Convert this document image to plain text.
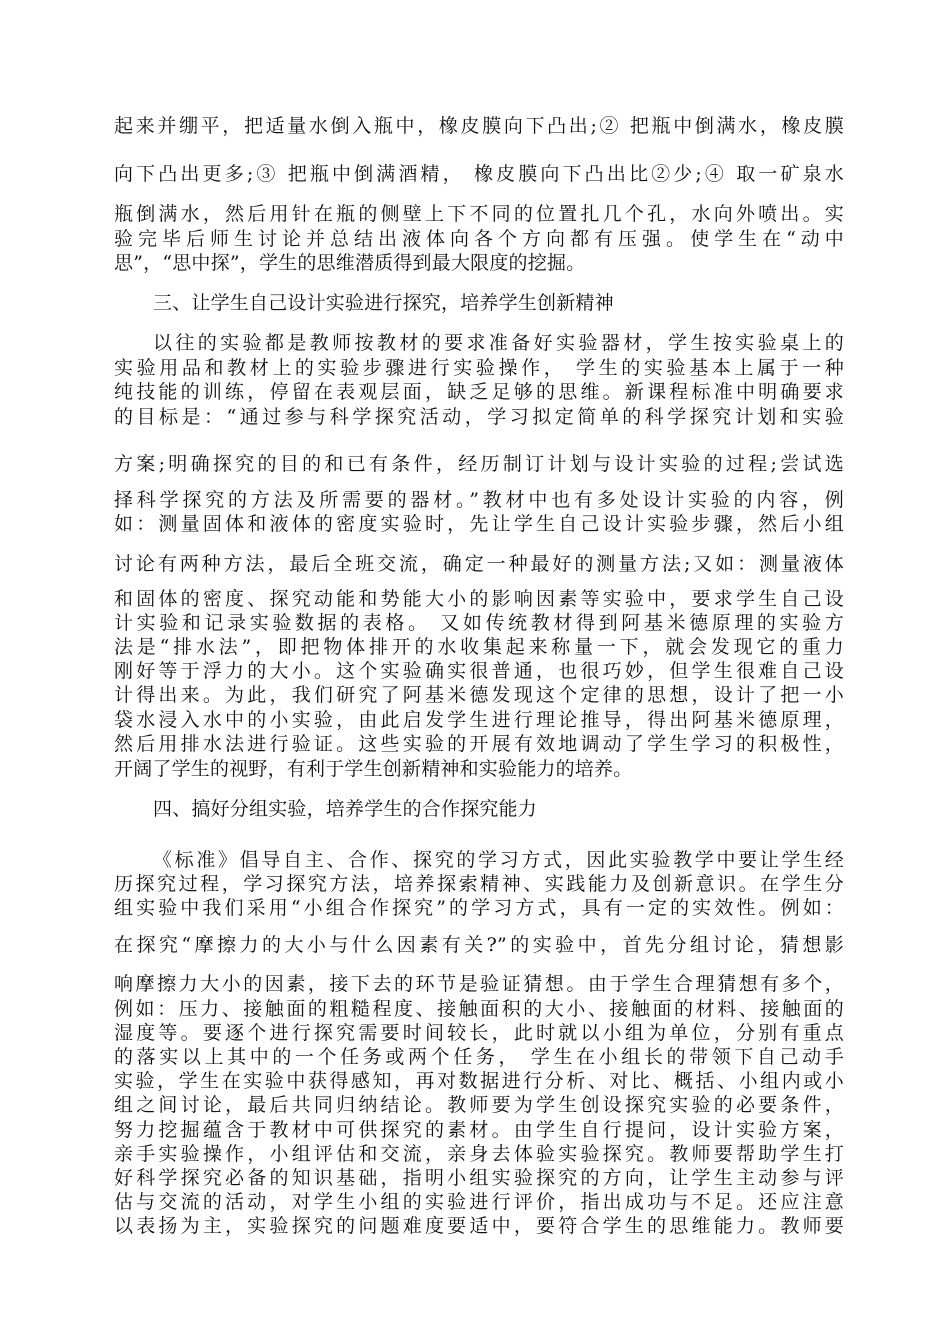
起来并绷平，把适量水倒入瓶中，橡皮膜向下凸出;② 把瓶中倒满水，橡皮膜
向下凸出更多;③ 把瓶中倒满酒精， 橡皮膜向下凸出比②少;④ 取一矿泉水
瓶倒满水，然后用针在瓶的侧壁上下不同的位置扎几个孔，水向外喷出。实
验完毕后师生讨论并总结出液体向各个方向都有压强。使学生在“动中
思”，“思中探”，学生的思维潜质得到最大限度的挖掘。
三、让学生自己设计实验进行探究，培养学生创新精神
以往的实验都是教师按教材的要求准备好实验器材，学生按实验桌上的
实验用品和教材上的实验步骤进行实验操作， 学生的实验基本上属于一种
纯技能的训练，停留在表观层面，缺乏足够的思维。新课程标准中明确要求
的目标是：“通过参与科学探究活动，学习拟定简单的科学探究计划和实验
方案;明确探究的目的和已有条件，经历制订计划与设计实验的过程;尝试选
择科学探究的方法及所需要的器材。”教材中也有多处设计实验的内容，例
如：测量固体和液体的密度实验时，先让学生自己设计实验步骤，然后小组
讨论有两种方法，最后全班交流，确定一种最好的测量方法;又如：测量液体
和固体的密度、探究动能和势能大小的影响因素等实验中，要求学生自己设
计实验和记录实验数据的表格。 又如传统教材得到阿基米德原理的实验方
法是“排水法”，即把物体排开的水收集起来称量一下，就会发现它的重力
刚好等于浮力的大小。这个实验确实很普通，也很巧妙，但学生很难自己设
计得出来。为此，我们研究了阿基米德发现这个定律的思想，设计了把一小
袋水浸入水中的小实验，由此启发学生进行理论推导，得出阿基米德原理，
然后用排水法进行验证。这些实验的开展有效地调动了学生学习的积极性，
开阔了学生的视野，有利于学生创新精神和实验能力的培养。
四、搞好分组实验，培养学生的合作探究能力
《标准》倡导自主、合作、探究的学习方式，因此实验教学中要让学生经
历探究过程，学习探究方法，培养探索精神、实践能力及创新意识。在学生分
组实验中我们采用“小组合作探究”的学习方式，具有一定的实效性。例如：
在探究“摩擦力的大小与什么因素有关?”的实验中，首先分组讨论，猜想影
响摩擦力大小的因素，接下去的环节是验证猜想。由于学生合理猜想有多个，
例如：压力、接触面的粗糙程度、接触面积的大小、接触面的材料、接触面的
湿度等。要逐个进行探究需要时间较长，此时就以小组为单位，分别有重点
的落实以上其中的一个任务或两个任务， 学生在小组长的带领下自己动手
实验，学生在实验中获得感知，再对数据进行分析、对比、概括、小组内或小
组之间讨论，最后共同归纳结论。教师要为学生创设探究实验的必要条件，
努力挖掘蕴含于教材中可供探究的素材。由学生自行提问，设计实验方案，
亲手实验操作，小组评估和交流，亲身去体验实验探究。教师要帮助学生打
好科学探究必备的知识基础，指明小组实验探究的方向，让学生主动参与评
估与交流的活动，对学生小组的实验进行评价，指出成功与不足。还应注意
以表扬为主，实验探究的问题难度要适中，要符合学生的思维能力。教师要
